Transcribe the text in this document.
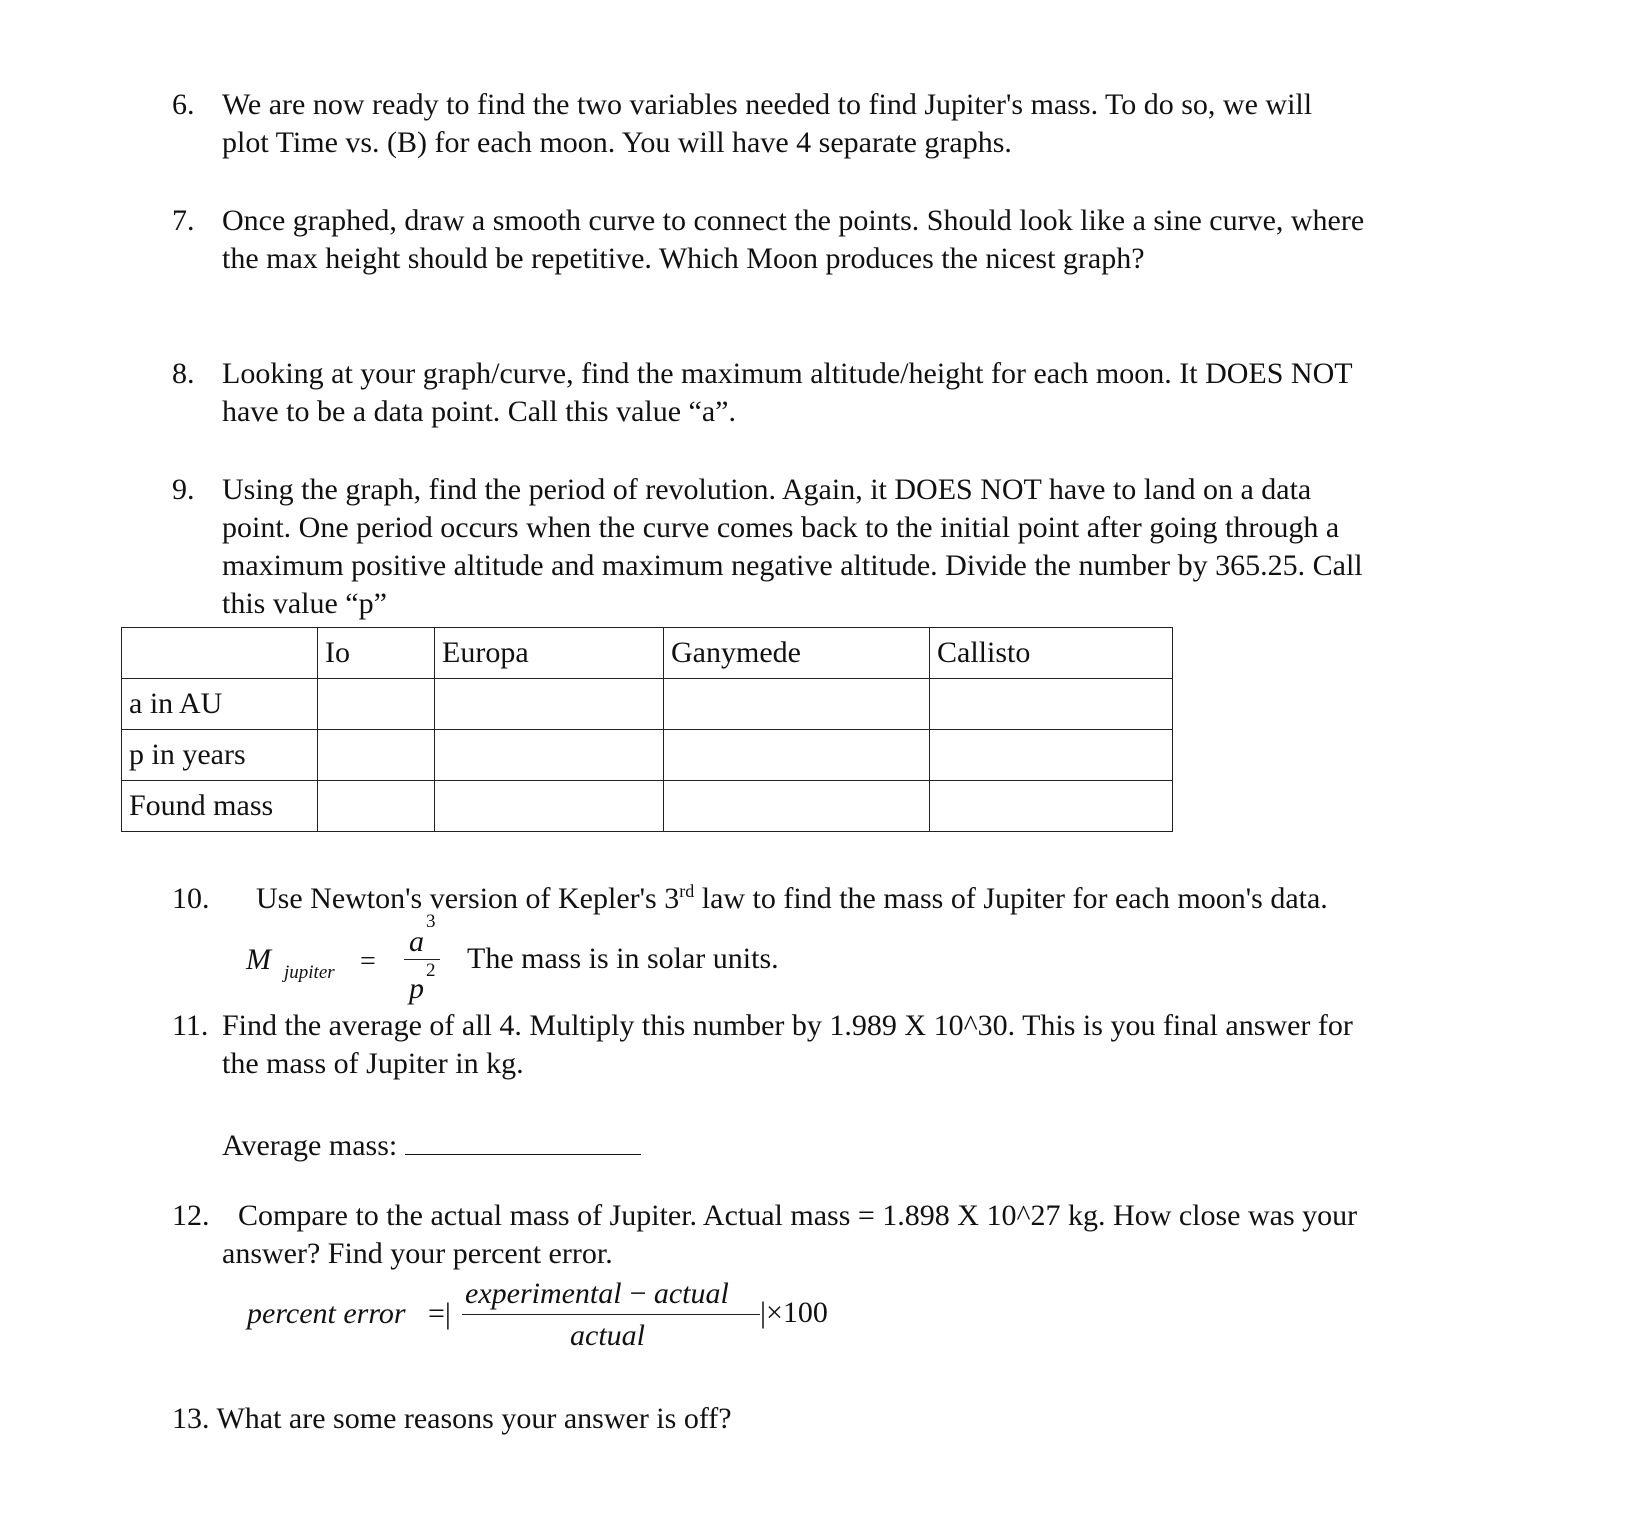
6. We are now ready to find the two variables needed to find Jupiter's mass. To do so, we will
plot Time vs. (B) for each moon. You will have 4 separate graphs.
7. Once graphed, draw a smooth curve to connect the points. Should look like a sine curve, where
the max height should be repetitive. Which Moon produces the nicest graph?
8. Looking at your graph/curve, find the maximum altitude/height for each moon. It DOES NOT
have to be a data point. Call this value “a”.
9. Using the graph, find the period of revolution. Again, it DOES NOT have to land on a data
point. One period occurs when the curve comes back to the initial point after going through a
maximum positive altitude and maximum negative altitude. Divide the number by 365.25. Call
this value “p”
	Io	Europa	Ganymede	Callisto
a in AU				
p in years				
Found mass				
10. Use Newton's version of Kepler's 3rd law to find the mass of Jupiter for each moon's data.
M jupiter =
a
3
p
2 The mass is in solar units.
11. Find the average of all 4. Multiply this number by 1.989 X 10^30. This is you final answer for
the mass of Jupiter in kg.
Average mass:
12. Compare to the actual mass of Jupiter. Actual mass = 1.898 X 10^27 kg. How close was your
answer? Find your percent error.
percent error =|
experimental − actual
actual
|×100
13. What are some reasons your answer is off?
